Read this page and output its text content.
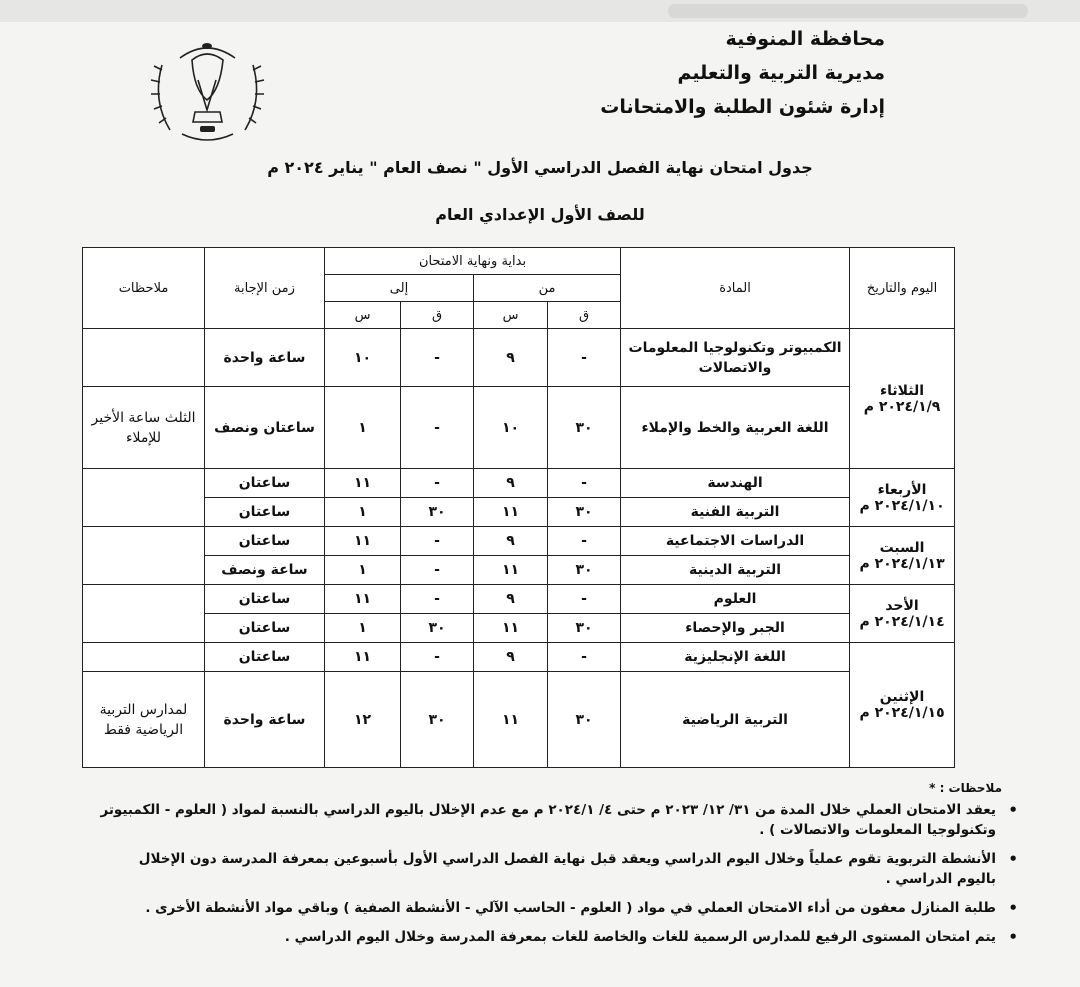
محافظة المنوفية
مديرية التربية والتعليم
إدارة شئون الطلبة والامتحانات
جدول امتحان نهاية الفصل الدراسي الأول " نصف العام " يناير ٢٠٢٤ م
للصف الأول الإعدادي العام
اليوم والتاريخ	المادة	بداية ونهاية الامتحان				زمن الإجابة	ملاحظات
		من		إلى			
		ق	س	ق	س		
الثلاثاء
٢٠٢٤/١/٩ م	الكمبيوتر وتكنولوجيا المعلومات والاتصالات	-	٩	-	١٠	ساعة واحدة	
	اللغة العربية والخط والإملاء	٣٠	١٠	-	١	ساعتان ونصف	الثلث ساعة الأخير للإملاء
الأربعاء
٢٠٢٤/١/١٠ م	الهندسة	-	٩	-	١١	ساعتان	
	التربية الفنية	٣٠	١١	٣٠	١	ساعتان	
السبت
٢٠٢٤/١/١٣ م	الدراسات الاجتماعية	-	٩	-	١١	ساعتان	
	التربية الدينية	٣٠	١١	-	١	ساعة ونصف	
الأحد
٢٠٢٤/١/١٤ م	العلوم	-	٩	-	١١	ساعتان	
	الجبر والإحصاء	٣٠	١١	٣٠	١	ساعتان	
الإثنين
٢٠٢٤/١/١٥ م	اللغة الإنجليزية	-	٩	-	١١	ساعتان	
	التربية الرياضية	٣٠	١١	٣٠	١٢	ساعة واحدة	لمدارس التربية الرياضية فقط
ملاحظات : *
•
يعقد الامتحان العملي خلال المدة من ٣١/ ١٢/ ٢٠٢٣ م حتى ٤/ ٢٠٢٤/١ م مع عدم الإخلال باليوم الدراسي بالنسبة لمواد ( العلوم - الكمبيوتر وتكنولوجيا المعلومات والاتصالات ) .
•
الأنشطة التربوية تقوم عملياً وخلال اليوم الدراسي ويعقد قبل نهاية الفصل الدراسي الأول بأسبوعين بمعرفة المدرسة دون الإخلال باليوم الدراسي .
•
طلبة المنازل معفون من أداء الامتحان العملي في مواد ( العلوم - الحاسب الآلي - الأنشطة الصفية ) وباقي مواد الأنشطة الأخرى .
•
يتم امتحان المستوى الرفيع للمدارس الرسمية للغات والخاصة للغات بمعرفة المدرسة وخلال اليوم الدراسي .
